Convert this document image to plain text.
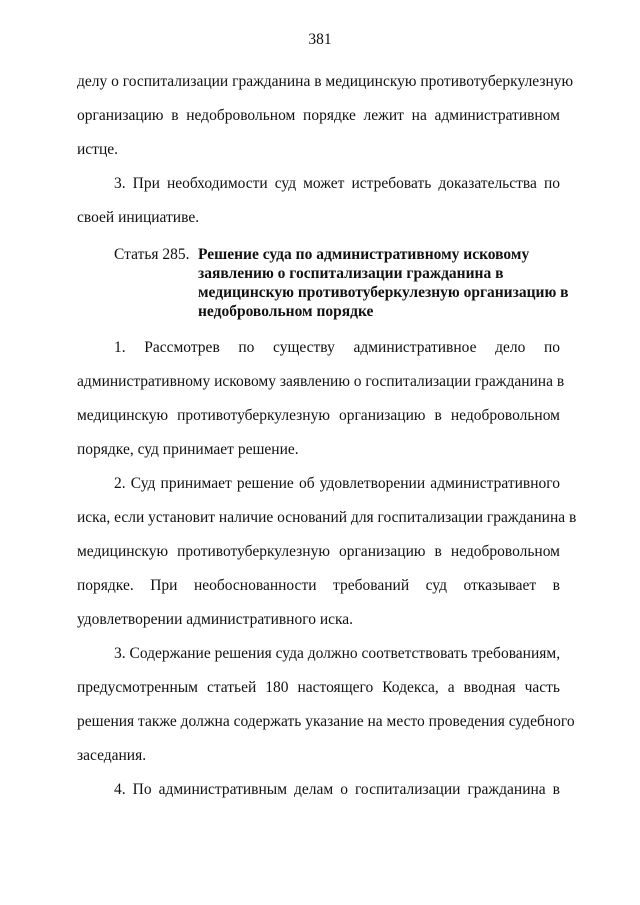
381
делу о госпитализации гражданина в медицинскую противотуберкулезную
организацию в недобровольном порядке лежит на административном
истце.
3. При необходимости суд может истребовать доказательства по
своей инициативе.
Статья 285. Решение суда по административному исковому
заявлению о госпитализации гражданина в
медицинскую противотуберкулезную организацию в
недобровольном порядке
1. Рассмотрев по существу административное дело по
административному исковому заявлению о госпитализации гражданина в
медицинскую противотуберкулезную организацию в недобровольном
порядке, суд принимает решение.
2. Суд принимает решение об удовлетворении административного
иска, если установит наличие оснований для госпитализации гражданина в
медицинскую противотуберкулезную организацию в недобровольном
порядке. При необоснованности требований суд отказывает в
удовлетворении административного иска.
3. Содержание решения суда должно соответствовать требованиям,
предусмотренным статьей 180 настоящего Кодекса, а вводная часть
решения также должна содержать указание на место проведения судебного
заседания.
4. По административным делам о госпитализации гражданина в
